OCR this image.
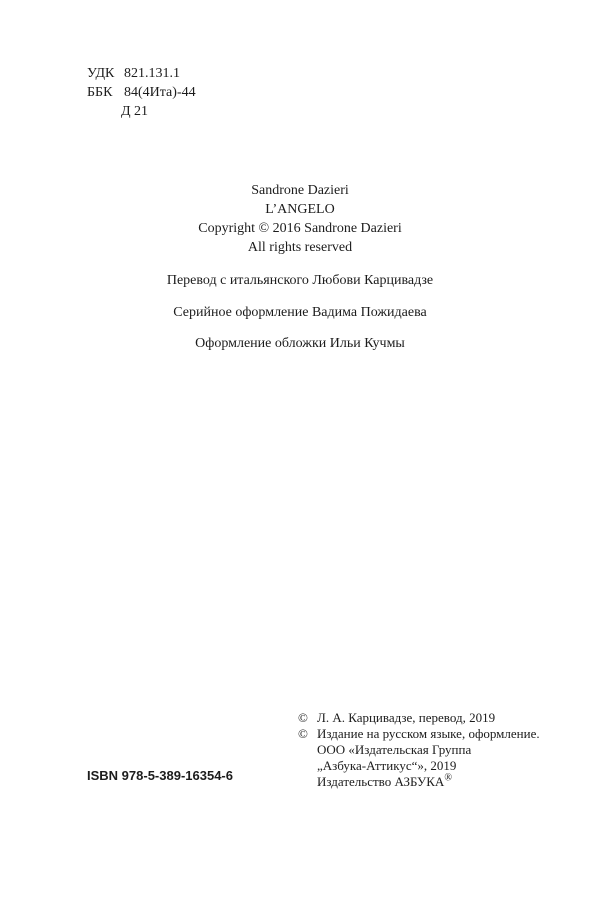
УДК 821.131.1
ББК 84(4Ита)-44
Д 21
Sandrone Dazieri
L’ANGELO
Copyright © 2016 Sandrone Dazieri
All rights reserved
Перевод с итальянского Любови Карцивадзе
Серийное оформление Вадима Пожидаева
Оформление обложки Ильи Кучмы
ISBN 978-5-389-16354-6
© Л. А. Карцивадзе, перевод, 2019
© Издание на русском языке, оформление.
ООО «Издательская Группа
„Азбука-Аттикус“», 2019
Издательство АЗБУКА®
